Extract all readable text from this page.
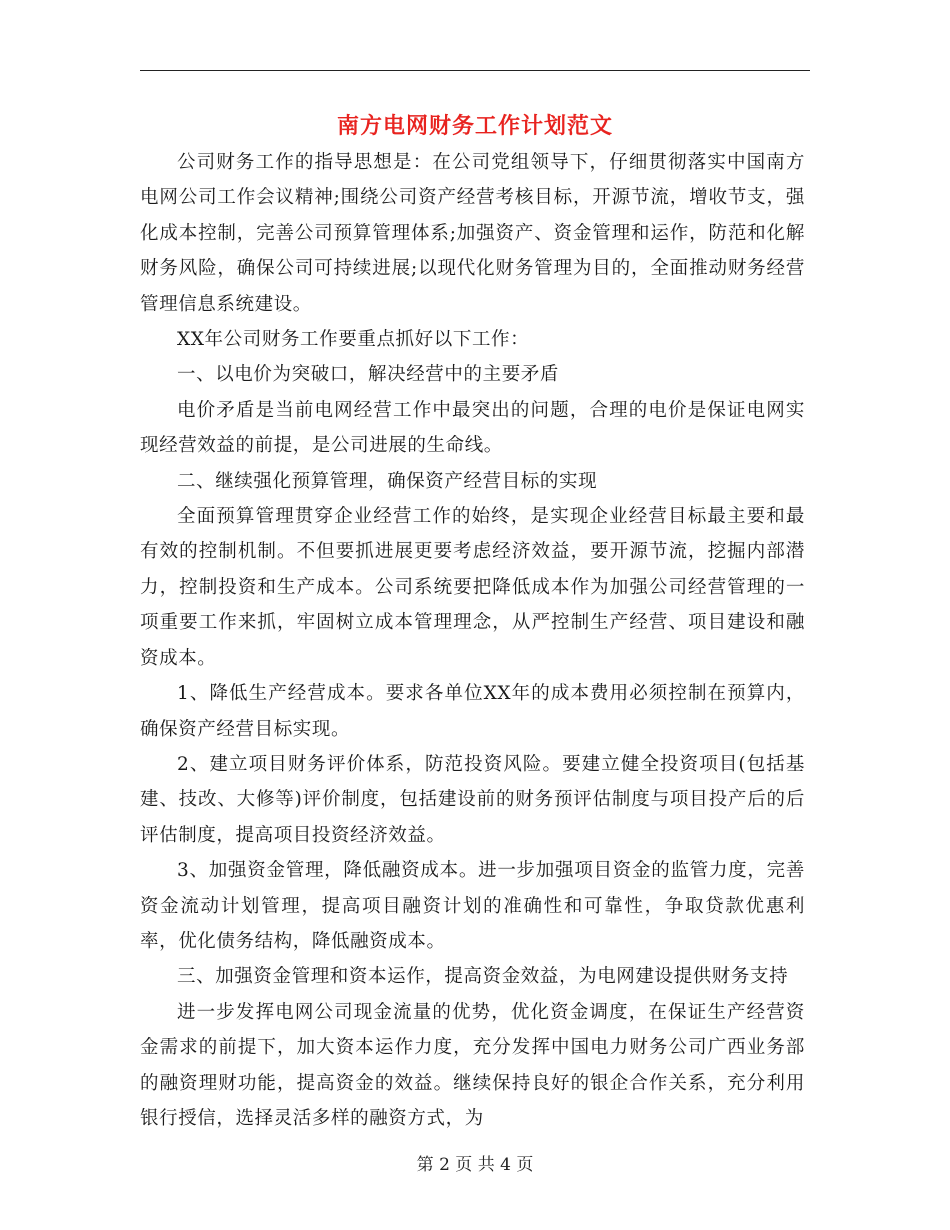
南方电网财务工作计划范文

公司财务工作的指导思想是：在公司党组领导下，仔细贯彻落实中国南方电网公司工作会议精神;围绕公司资产经营考核目标，开源节流，增收节支，强化成本控制，完善公司预算管理体系;加强资产、资金管理和运作，防范和化解财务风险，确保公司可持续进展;以现代化财务管理为目的，全面推动财务经营管理信息系统建设。

XX年公司财务工作要重点抓好以下工作：

一、以电价为突破口，解决经营中的主要矛盾

电价矛盾是当前电网经营工作中最突出的问题，合理的电价是保证电网实现经营效益的前提，是公司进展的生命线。

二、继续强化预算管理，确保资产经营目标的实现

全面预算管理贯穿企业经营工作的始终，是实现企业经营目标最主要和最有效的控制机制。不但要抓进展更要考虑经济效益，要开源节流，挖掘内部潜力，控制投资和生产成本。公司系统要把降低成本作为加强公司经营管理的一项重要工作来抓，牢固树立成本管理理念，从严控制生产经营、项目建设和融资成本。

1、降低生产经营成本。要求各单位XX年的成本费用必须控制在预算内，确保资产经营目标实现。

2、建立项目财务评价体系，防范投资风险。要建立健全投资项目(包括基建、技改、大修等)评价制度，包括建设前的财务预评估制度与项目投产后的后评估制度，提高项目投资经济效益。

3、加强资金管理，降低融资成本。进一步加强项目资金的监管力度，完善资金流动计划管理，提高项目融资计划的准确性和可靠性，争取贷款优惠利率，优化债务结构，降低融资成本。

三、加强资金管理和资本运作，提高资金效益，为电网建设提供财务支持

进一步发挥电网公司现金流量的优势，优化资金调度，在保证生产经营资金需求的前提下，加大资本运作力度，充分发挥中国电力财务公司广西业务部的融资理财功能，提高资金的效益。继续保持良好的银企合作关系，充分利用银行授信，选择灵活多样的融资方式，为

第 2 页 共 4 页
